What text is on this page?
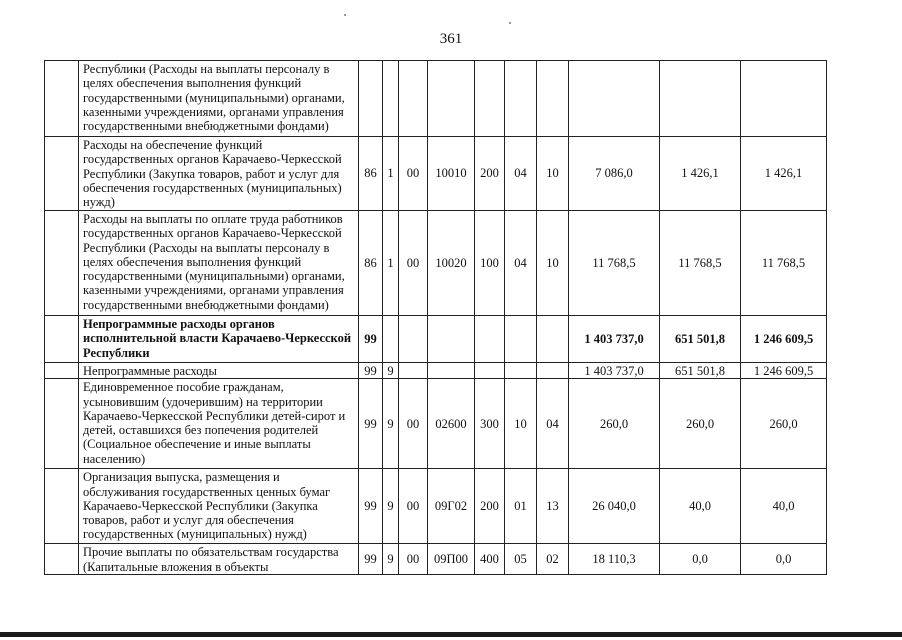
361
	Республики (Расходы на выплаты персоналу в целях обеспечения выполнения функций государственными (муниципальными) органами, казенными учреждениями, органами управления государственными внебюджетными фондами)										
	Расходы на обеспечение функций государственных органов Карачаево-Черкесской Республики (Закупка товаров, работ и услуг для обеспечения государственных (муниципальных) нужд)	86	1	00	10010	200	04	10	7 086,0	1 426,1	1 426,1
	Расходы на выплаты по оплате труда работников государственных органов Карачаево-Черкесской Республики (Расходы на выплаты персоналу в целях обеспечения выполнения функций государственными (муниципальными) органами, казенными учреждениями, органами управления государственными внебюджетными фондами)	86	1	00	10020	100	04	10	11 768,5	11 768,5	11 768,5
	Непрограммные расходы органов исполнительной власти Карачаево-Черкесской Республики	99							1 403 737,0	651 501,8	1 246 609,5
	Непрограммные расходы	99	9						1 403 737,0	651 501,8	1 246 609,5
	Единовременное пособие гражданам, усыновившим (удочерившим) на территории Карачаево-Черкесской Республики детей-сирот и детей, оставшихся без попечения родителей (Социальное обеспечение и иные выплаты населению)	99	9	00	02600	300	10	04	260,0	260,0	260,0
	Организация выпуска, размещения и обслуживания государственных ценных бумаг Карачаево-Черкесской Республики (Закупка товаров, работ и услуг для обеспечения государственных (муниципальных) нужд)	99	9	00	09Г02	200	01	13	26 040,0	40,0	40,0
	Прочие выплаты по обязательствам государства (Капитальные вложения в объекты	99	9	00	09П00	400	05	02	18 110,3	0,0	0,0
